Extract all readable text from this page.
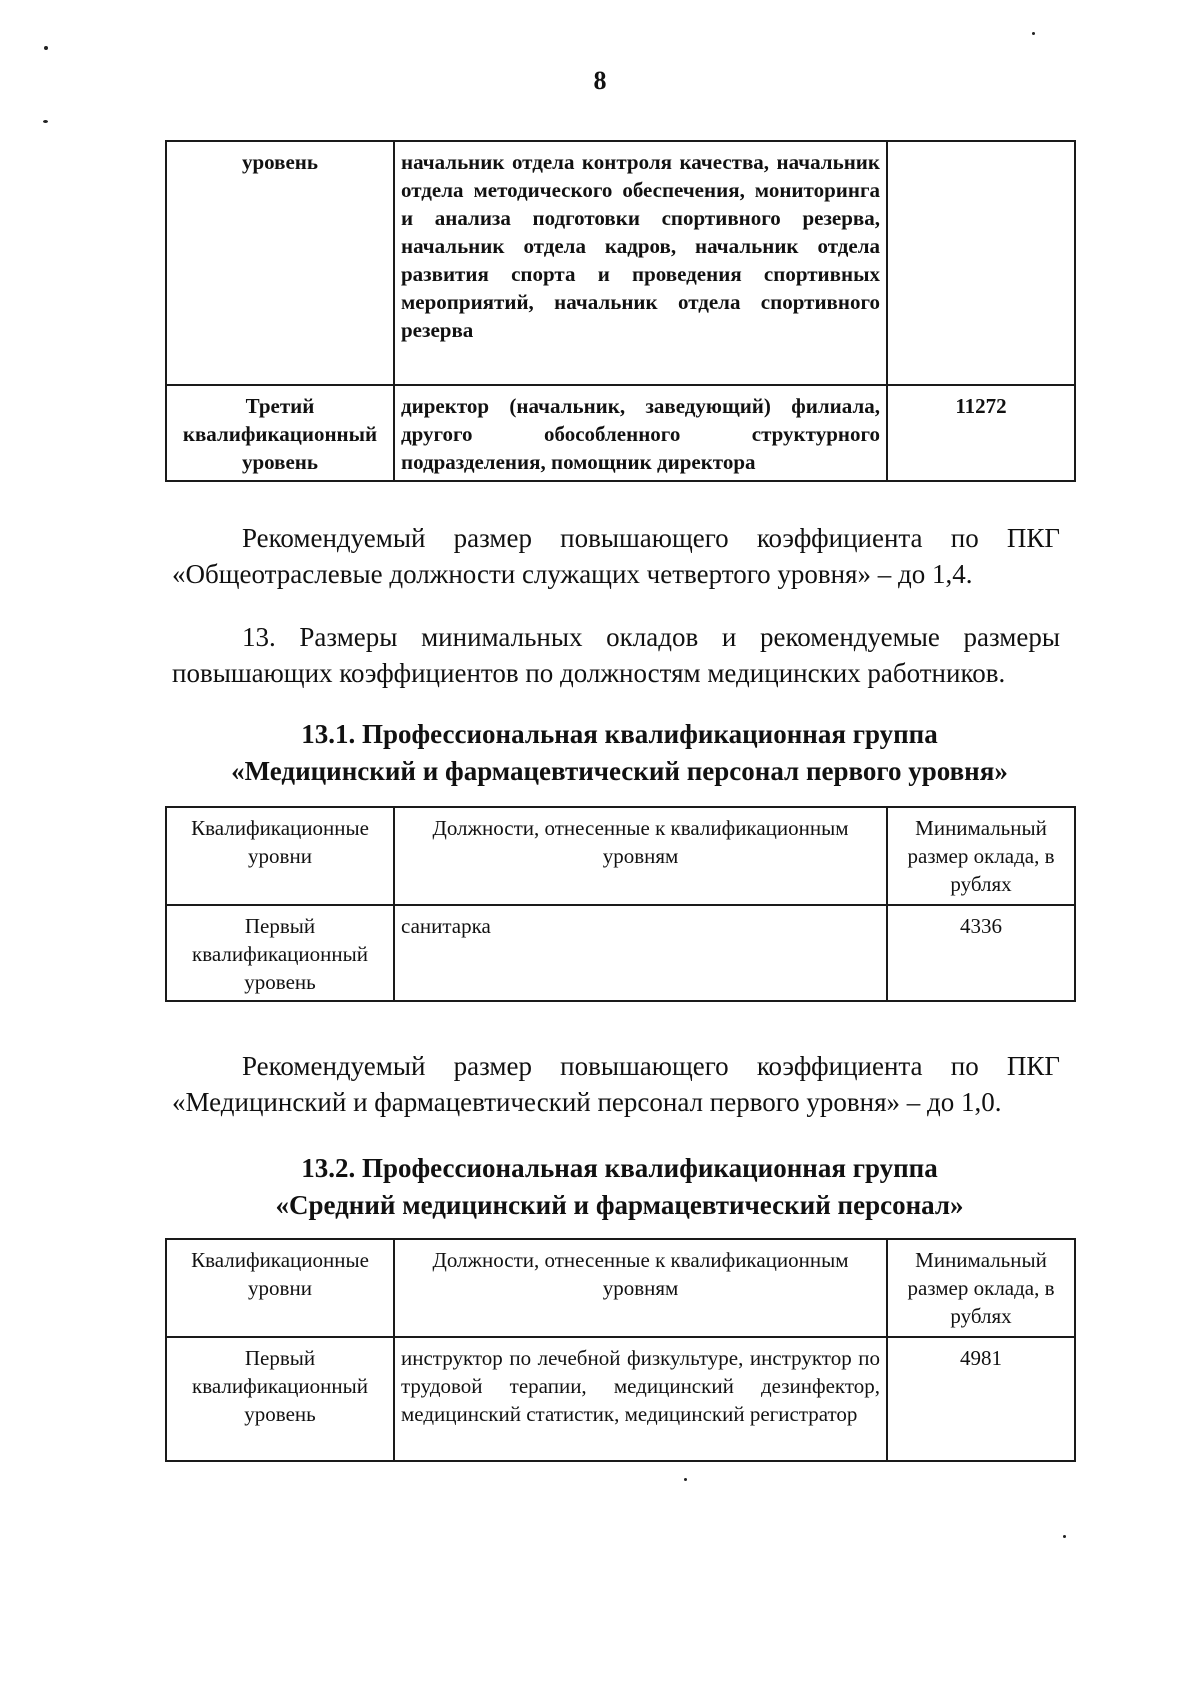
8
уровень	начальник отдела контроля качества, начальник отдела методического обеспечения, мониторинга и анализа подготовки спортивного резерва, начальник отдела кадров, начальник отдела развития спорта и проведения спортивных мероприятий, начальник отдела спортивного резерва	
Третий квалификационный уровень	директор (начальник, заведующий) филиала, другого обособленного структурного подразделения, помощник директора	11272
Рекомендуемый размер повышающего коэффициента по ПКГ «Общеотраслевые должности служащих четвертого уровня» – до 1,4.
13. Размеры минимальных окладов и рекомендуемые размеры повышающих коэффициентов по должностям медицинских работников.
13.1. Профессиональная квалификационная группа
«Медицинский и фармацевтический персонал первого уровня»
Квалификационные уровни	Должности, отнесенные к квалификационным уровням	Минимальный размер оклада, в рублях
Первый квалификационный уровень	санитарка	4336
Рекомендуемый размер повышающего коэффициента по ПКГ «Медицинский и фармацевтический персонал первого уровня» – до 1,0.
13.2. Профессиональная квалификационная группа
«Средний медицинский и фармацевтический персонал»
Квалификационные уровни	Должности, отнесенные к квалификационным уровням	Минимальный размер оклада, в рублях
Первый квалификационный уровень	инструктор по лечебной физкультуре, инструктор по трудовой терапии, медицинский дезинфектор, медицинский статистик, медицинский регистратор	4981
